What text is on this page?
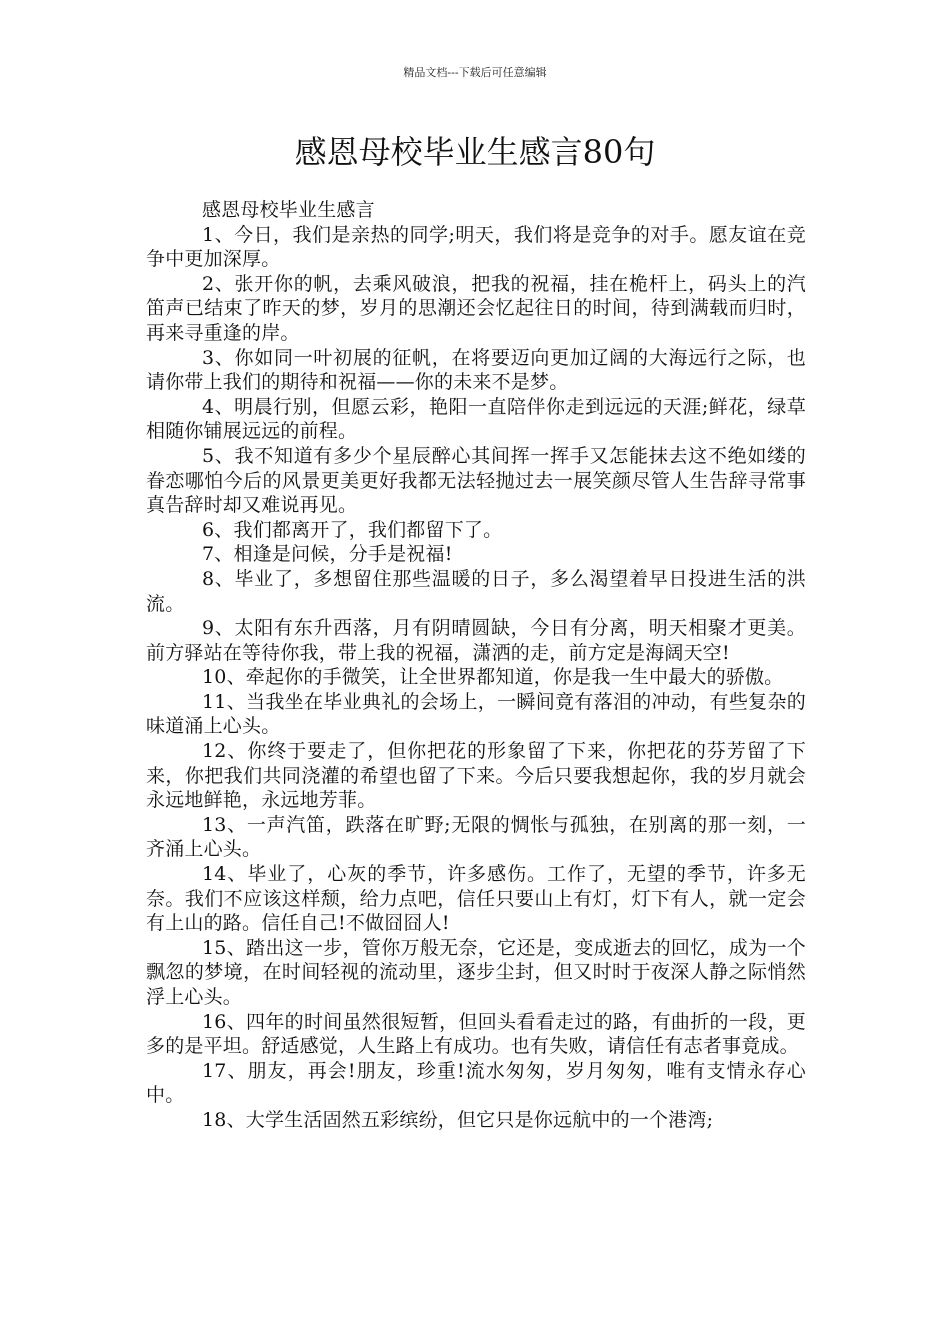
精品文档---下载后可任意编辑
感恩母校毕业生感言80句

感恩母校毕业生感言

1、今日，我们是亲热的同学;明天，我们将是竞争的对手。愿友谊在竞争中更加深厚。

2、张开你的帆，去乘风破浪，把我的祝福，挂在桅杆上，码头上的汽笛声已结束了昨天的梦，岁月的思潮还会忆起往日的时间，待到满载而归时，再来寻重逢的岸。

3、你如同一叶初展的征帆，在将要迈向更加辽阔的大海远行之际，也请你带上我们的期待和祝福——你的未来不是梦。

4、明晨行别，但愿云彩，艳阳一直陪伴你走到远远的天涯;鲜花，绿草相随你铺展远远的前程。

5、我不知道有多少个星辰醉心其间挥一挥手又怎能抹去这不绝如缕的眷恋哪怕今后的风景更美更好我都无法轻抛过去一展笑颜尽管人生告辞寻常事真告辞时却又难说再见。

6、我们都离开了，我们都留下了。

7、相逢是问候，分手是祝福!

8、毕业了，多想留住那些温暖的日子，多么渴望着早日投进生活的洪流。

9、太阳有东升西落，月有阴晴圆缺，今日有分离，明天相聚才更美。前方驿站在等待你我，带上我的祝福，潇洒的走，前方定是海阔天空!

10、牵起你的手微笑，让全世界都知道，你是我一生中最大的骄傲。

11、当我坐在毕业典礼的会场上，一瞬间竟有落泪的冲动，有些复杂的味道涌上心头。

12、你终于要走了，但你把花的形象留了下来，你把花的芬芳留了下来，你把我们共同浇灌的希望也留了下来。今后只要我想起你，我的岁月就会永远地鲜艳，永远地芳菲。

13、一声汽笛，跌落在旷野;无限的惆怅与孤独，在别离的那一刻，一齐涌上心头。

14、毕业了，心灰的季节，许多感伤。工作了，无望的季节，许多无奈。我们不应该这样颓，给力点吧，信任只要山上有灯，灯下有人，就一定会有上山的路。信任自己!不做囧囧人!

15、踏出这一步，管你万般无奈，它还是，变成逝去的回忆，成为一个飘忽的梦境，在时间轻视的流动里，逐步尘封，但又时时于夜深人静之际悄然浮上心头。

16、四年的时间虽然很短暂，但回头看看走过的路，有曲折的一段，更多的是平坦。舒适感觉，人生路上有成功。也有失败，请信任有志者事竟成。

17、朋友，再会!朋友，珍重!流水匆匆，岁月匆匆，唯有支情永存心中。

18、大学生活固然五彩缤纷，但它只是你远航中的一个港湾;
